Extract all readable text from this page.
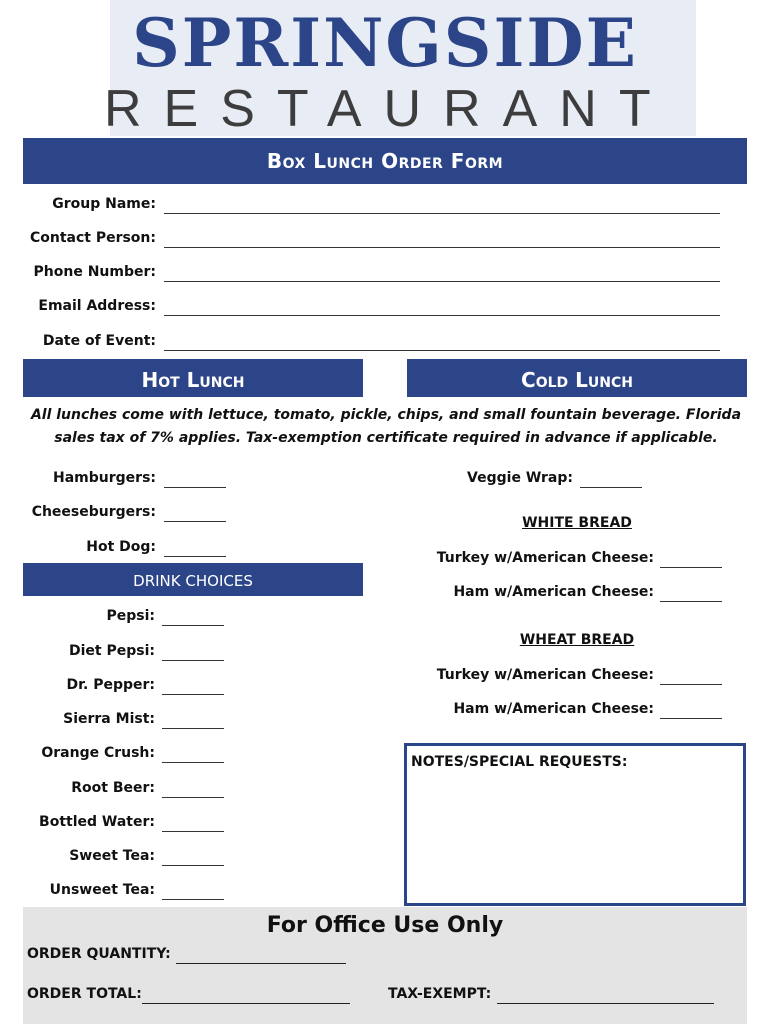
SPRINGSIDE
RESTAURANT
Box Lunch Order Form
Group Name:
Contact Person:
Phone Number:
Email Address:
Date of Event:
Hot Lunch	Cold Lunch
All lunches come with lettuce, tomato, pickle, chips, and small fountain beverage. Florida
sales tax of 7% applies. Tax-exemption certificate required in advance if applicable.
Hamburgers:
Cheeseburgers:
Hot Dog:
DRINK CHOICES
Pepsi:
Diet Pepsi:
Dr. Pepper:
Sierra Mist:
Orange Crush:
Root Beer:
Bottled Water:
Sweet Tea:
Unsweet Tea:
Veggie Wrap:
WHITE BREAD
Turkey w/American Cheese:
Ham w/American Cheese:
WHEAT BREAD
Turkey w/American Cheese:
Ham w/American Cheese:
NOTES/SPECIAL REQUESTS:
For Office Use Only
ORDER QUANTITY:
ORDER TOTAL:	TAX-EXEMPT:
